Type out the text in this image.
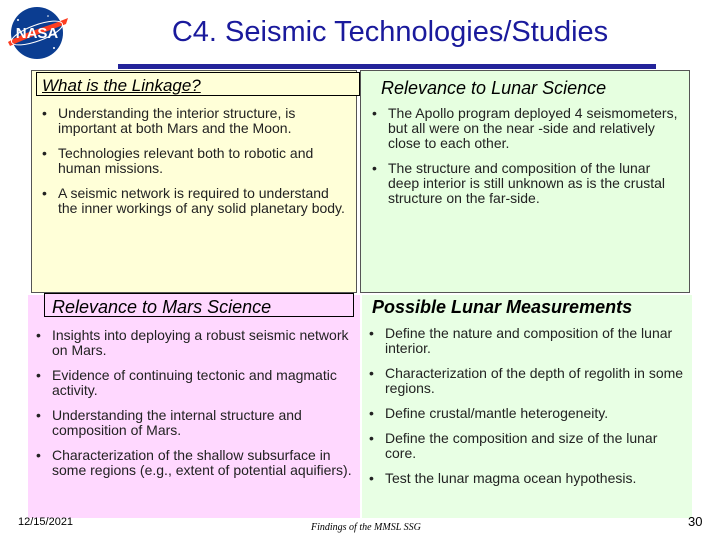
NASA	C4. Seismic Technologies/Studies
What is the Linkage?
• Understanding the interior structure, is important at both Mars and the Moon.
• Technologies relevant both to robotic and human missions.
• A seismic network is required to understand the inner workings of any solid planetary body.
Relevance to Lunar Science
• The Apollo program deployed 4 seismometers, but all were on the near -side and relatively close to each other.
• The structure and composition of the lunar deep interior is still unknown as is the crustal structure on the far-side.
Relevance to Mars Science
• Insights into deploying a robust seismic network on Mars.
• Evidence of continuing tectonic and magmatic activity.
• Understanding the internal structure and composition of Mars.
• Characterization of the shallow subsurface in some regions (e.g., extent of potential aquifiers).
Possible Lunar Measurements
• Define the nature and composition of the lunar interior.
• Characterization of the depth of regolith in some regions.
• Define crustal/mantle heterogeneity.
• Define the composition and size of the lunar core.
• Test the lunar magma ocean hypothesis.
12/15/2021	Findings of the MMSL SSG	30
